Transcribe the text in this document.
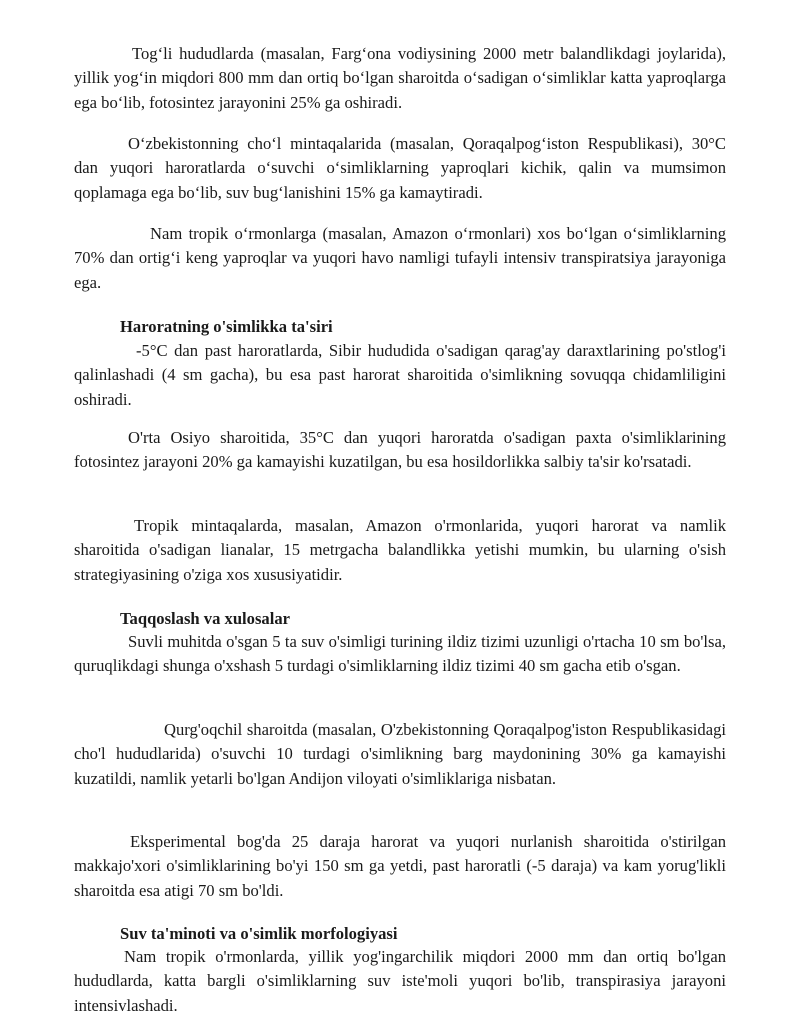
Tog‘li hududlarda (masalan, Farg‘ona vodiysining 2000 metr balandlikdagi joylarida), yillik yog‘in miqdori 800 mm dan ortiq bo‘lgan sharoitda o‘sadigan o‘simliklar katta yaproqlarga ega bo‘lib, fotosintez jarayonini 25% ga oshiradi.

O‘zbekistonning cho‘l mintaqalarida (masalan, Qoraqalpog‘iston Respublikasi), 30°C dan yuqori haroratlarda o‘suvchi o‘simliklarning yaproqlari kichik, qalin va mumsimon qoplamaga ega bo‘lib, suv bug‘lanishini 15% ga kamaytiradi.

Nam tropik o‘rmonlarga (masalan, Amazon o‘rmonlari) xos bo‘lgan o‘simliklarning 70% dan ortig‘i keng yaproqlar va yuqori havo namligi tufayli intensiv transpiratsiya jarayoniga ega.

Haroratning o'simlikka ta'siri

-5°C dan past haroratlarda, Sibir hududida o'sadigan qarag'ay daraxtlarining po'stlog'i qalinlashadi (4 sm gacha), bu esa past harorat sharoitida o'simlikning sovuqqa chidamliligini oshiradi.

O'rta Osiyo sharoitida, 35°C dan yuqori haroratda o'sadigan paxta o'simliklarining fotosintez jarayoni 20% ga kamayishi kuzatilgan, bu esa hosildorlikka salbiy ta'sir ko'rsatadi.

Tropik mintaqalarda, masalan, Amazon o'rmonlarida, yuqori harorat va namlik sharoitida o'sadigan lianalar, 15 metrgacha balandlikka yetishi mumkin, bu ularning o'sish strategiyasining o'ziga xos xususiyatidir.

Taqqoslash va xulosalar

Suvli muhitda o'sgan 5 ta suv o'simligi turining ildiz tizimi uzunligi o'rtacha 10 sm bo'lsa, quruqlikdagi shunga o'xshash 5 turdagi o'simliklarning ildiz tizimi 40 sm gacha etib o'sgan.

Qurg'oqchil sharoitda (masalan, O'zbekistonning Qoraqalpog'iston Respublikasidagi cho'l hududlarida) o'suvchi 10 turdagi o'simlikning barg maydonining 30% ga kamayishi kuzatildi, namlik yetarli bo'lgan Andijon viloyati o'simliklariga nisbatan.

Eksperimental bog'da 25 daraja harorat va yuqori nurlanish sharoitida o'stirilgan makkajo'xori o'simliklarining bo'yi 150 sm ga yetdi, past haroratli (-5 daraja) va kam yorug'likli sharoitda esa atigi 70 sm bo'ldi.

Suv ta'minoti va o'simlik morfologiyasi

Nam tropik o'rmonlarda, yillik yog'ingarchilik miqdori 2000 mm dan ortiq bo'lgan hududlarda, katta bargli o'simliklarning suv iste'moli yuqori bo'lib, transpirasiya jarayoni intensivlashadi.
